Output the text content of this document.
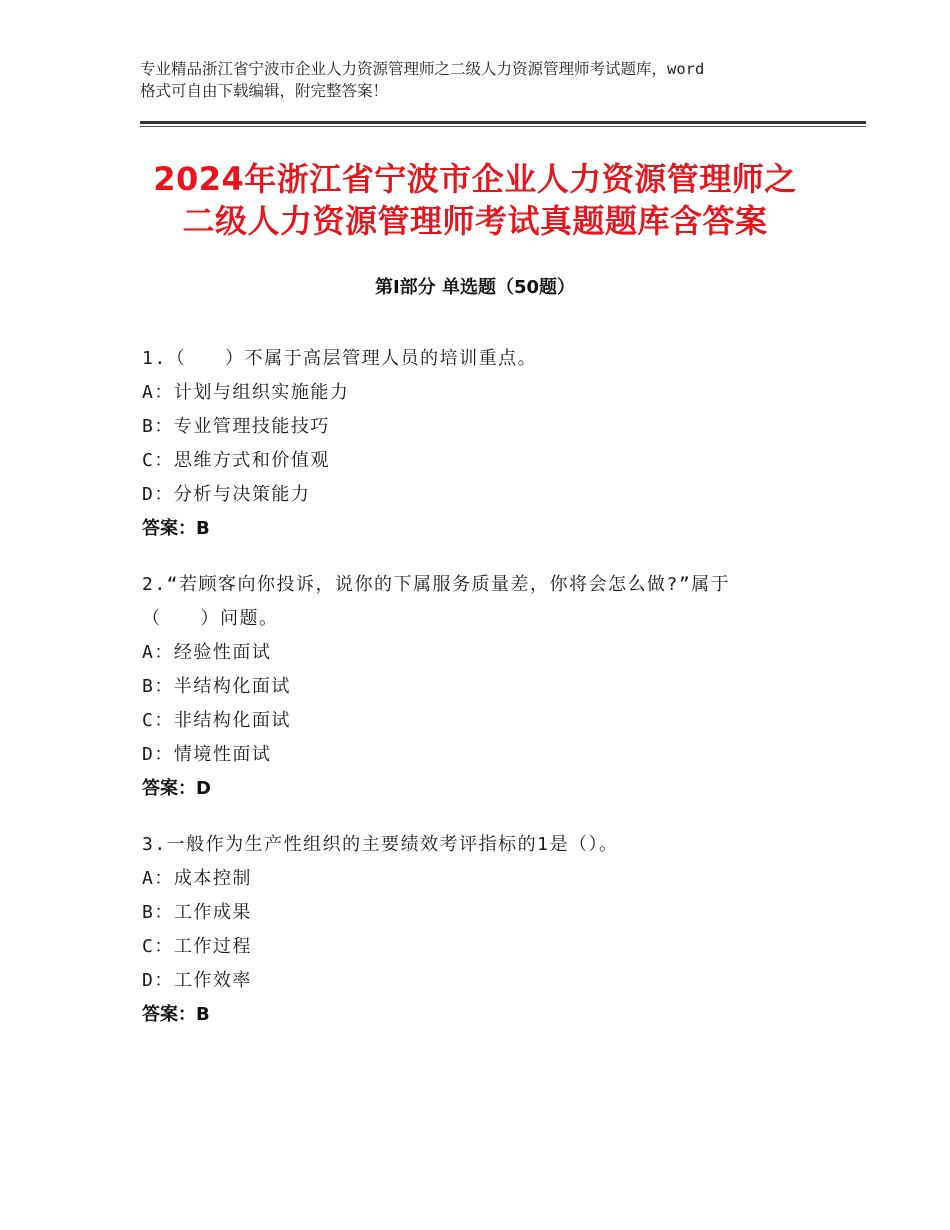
专业精品浙江省宁波市企业人力资源管理师之二级人力资源管理师考试题库，word
格式可自由下载编辑，附完整答案！
2024年浙江省宁波市企业人力资源管理师之
二级人力资源管理师考试真题题库含答案
第Ⅰ部分 单选题（50题）
1.（　　）不属于高层管理人员的培训重点。
A：计划与组织实施能力
B：专业管理技能技巧
C：思维方式和价值观
D：分析与决策能力
答案：B
2.“若顾客向你投诉，说你的下属服务质量差，你将会怎么做?”属于
（　　）问题。
A：经验性面试
B：半结构化面试
C：非结构化面试
D：情境性面试
答案：D
3.一般作为生产性组织的主要绩效考评指标的1是（）。
A：成本控制
B：工作成果
C：工作过程
D：工作效率
答案：B
